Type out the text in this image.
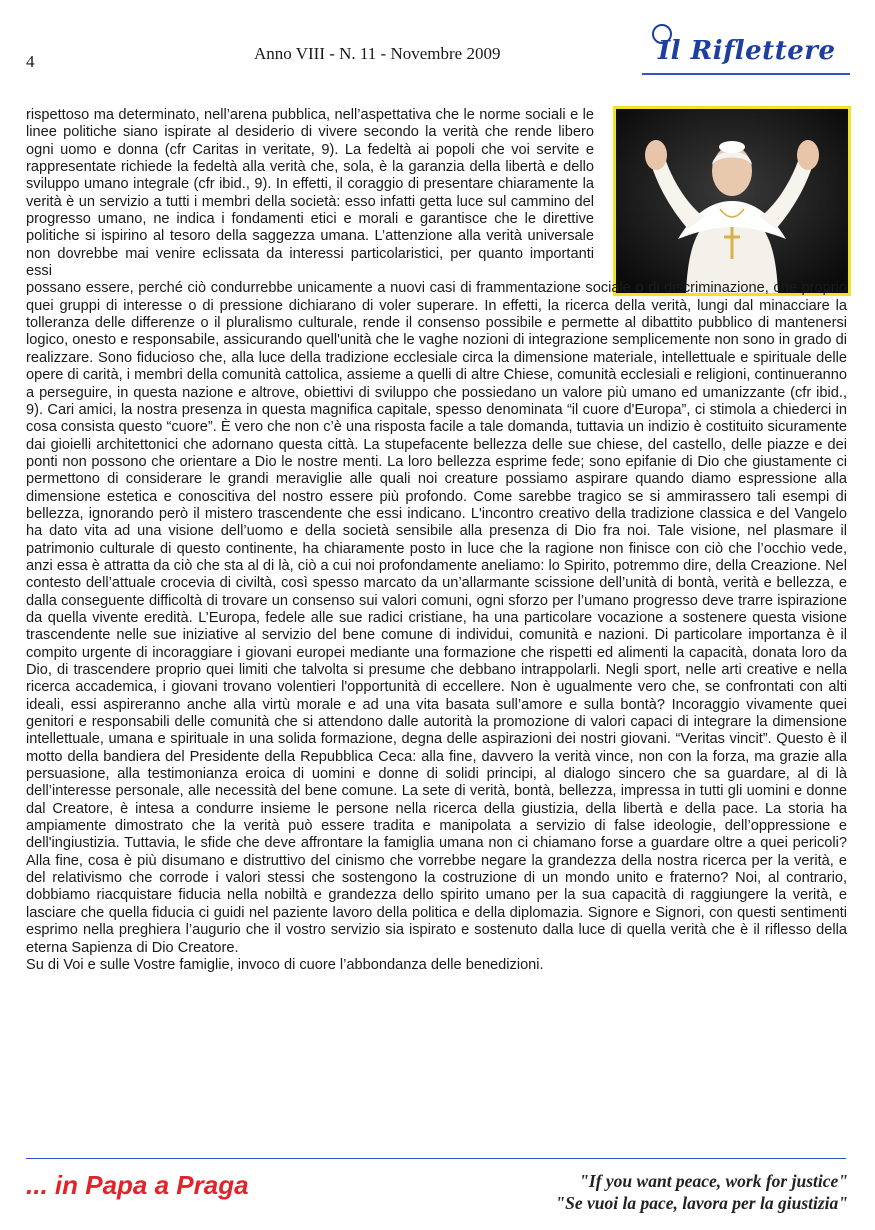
4	Anno VIII - N. 11 - Novembre 2009	Il Riflettere

rispettoso ma determinato, nell’arena pubblica, nell’aspettativa che le norme sociali e le linee politiche siano ispirate al desiderio di vivere secondo la verità che rende libero ogni uomo e donna (cfr Caritas in veritate, 9). La fedeltà ai popoli che voi servite e rappresentate richiede la fedeltà alla verità che, sola, è la garanzia della libertà e dello sviluppo umano integrale (cfr ibid., 9). In effetti, il coraggio di presentare chiaramente la verità è un servizio a tutti i membri della società: esso infatti getta luce sul cammino del progresso umano, ne indica i fondamenti etici e morali e garantisce che le direttive politiche si ispirino al tesoro della saggezza umana. L’attenzione alla verità universale non dovrebbe mai venire eclissata da interessi particolaristici, per quanto importanti essi

possano essere, perché ciò condurrebbe unicamente a nuovi casi di frammentazione sociale o di discriminazione, che proprio quei gruppi di interesse o di pressione dichiarano di voler superare. In effetti, la ricerca della verità, lungi dal minacciare la tolleranza delle differenze o il pluralismo culturale, rende il consenso possibile e permette al dibattito pubblico di mantenersi logico, onesto e responsabile, assicurando quell'unità che le vaghe nozioni di integrazione semplicemente non sono in grado di realizzare. Sono fiducioso che, alla luce della tradizione ecclesiale circa la dimensione materiale, intellettuale e spirituale delle opere di carità, i membri della comunità cattolica, assieme a quelli di altre Chiese, comunità ecclesiali e religioni, continueranno a perseguire, in questa nazione e altrove, obiettivi di sviluppo che possiedano un valore più umano ed umanizzante (cfr ibid., 9). Cari amici, la nostra presenza in questa magnifica capitale, spesso denominata “il cuore d'Europa”, ci stimola a chiederci in cosa consista questo “cuore”. È vero che non c’è una risposta facile a tale domanda, tuttavia un indizio è costituito sicuramente dai gioielli architettonici che adornano questa città. La stupefacente bellezza delle sue chiese, del castello, delle piazze e dei ponti non possono che orientare a Dio le nostre menti. La loro bellezza esprime fede; sono epifanie di Dio che giustamente ci permettono di considerare le grandi meraviglie alle quali noi creature possiamo aspirare quando diamo espressione alla dimensione estetica e conoscitiva del nostro essere più profondo. Come sarebbe tragico se si ammirassero tali esempi di bellezza, ignorando però il mistero trascendente che essi indicano. L'incontro creativo della tradizione classica e del Vangelo ha dato vita ad una visione dell’uomo e della società sensibile alla presenza di Dio fra noi. Tale visione, nel plasmare il patrimonio culturale di questo continente, ha chiaramente posto in luce che la ragione non finisce con ciò che l’occhio vede, anzi essa è attratta da ciò che sta al di là, ciò a cui noi profondamente aneliamo: lo Spirito, potremmo dire, della Creazione. Nel contesto dell’attuale crocevia di civiltà, così spesso marcato da un’allarmante scissione dell’unità di bontà, verità e bellezza, e dalla conseguente difficoltà di trovare un consenso sui valori comuni, ogni sforzo per l’umano progresso deve trarre ispirazione da quella vivente eredità. L’Europa, fedele alle sue radici cristiane, ha una particolare vocazione a sostenere questa visione trascendente nelle sue iniziative al servizio del bene comune di individui, comunità e nazioni. Di particolare importanza è il compito urgente di incoraggiare i giovani europei mediante una formazione che rispetti ed alimenti la capacità, donata loro da Dio, di trascendere proprio quei limiti che talvolta si presume che debbano intrappolarli. Negli sport, nelle arti creative e nella ricerca accademica, i giovani trovano volentieri l'opportunità di eccellere. Non è ugualmente vero che, se confrontati con alti ideali, essi aspireranno anche alla virtù morale e ad una vita basata sull’amore e sulla bontà? Incoraggio vivamente quei genitori e responsabili delle comunità che si attendono dalle autorità la promozione di valori capaci di integrare la dimensione intellettuale, umana e spirituale in una solida formazione, degna delle aspirazioni dei nostri giovani. “Veritas vincit”. Questo è il motto della bandiera del Presidente della Repubblica Ceca: alla fine, davvero la verità vince, non con la forza, ma grazie alla persuasione, alla testimonianza eroica di uomini e donne di solidi principi, al dialogo sincero che sa guardare, al di là dell’interesse personale, alle necessità del bene comune. La sete di verità, bontà, bellezza, impressa in tutti gli uomini e donne dal Creatore, è intesa a condurre insieme le persone nella ricerca della giustizia, della libertà e della pace. La storia ha ampiamente dimostrato che la verità può essere tradita e manipolata a servizio di false ideologie, dell’oppressione e dell'ingiustizia. Tuttavia, le sfide che deve affrontare la famiglia umana non ci chiamano forse a guardare oltre a quei pericoli? Alla fine, cosa è più disumano e distruttivo del cinismo che vorrebbe negare la grandezza della nostra ricerca per la verità, e del relativismo che corrode i valori stessi che sostengono la costruzione di un mondo unito e fraterno? Noi, al contrario, dobbiamo riacquistare fiducia nella nobiltà e grandezza dello spirito umano per la sua capacità di raggiungere la verità, e lasciare che quella fiducia ci guidi nel paziente lavoro della politica e della diplomazia. Signore e Signori, con questi sentimenti esprimo nella preghiera l’augurio che il vostro servizio sia ispirato e sostenuto dalla luce di quella verità che è il riflesso della eterna Sapienza di Dio Creatore.

Su di Voi e sulle Vostre famiglie, invoco di cuore l’abbondanza delle benedizioni.

... in Papa a Praga	"If you want peace, work for justice"
"Se vuoi la pace, lavora per la giustizia"
